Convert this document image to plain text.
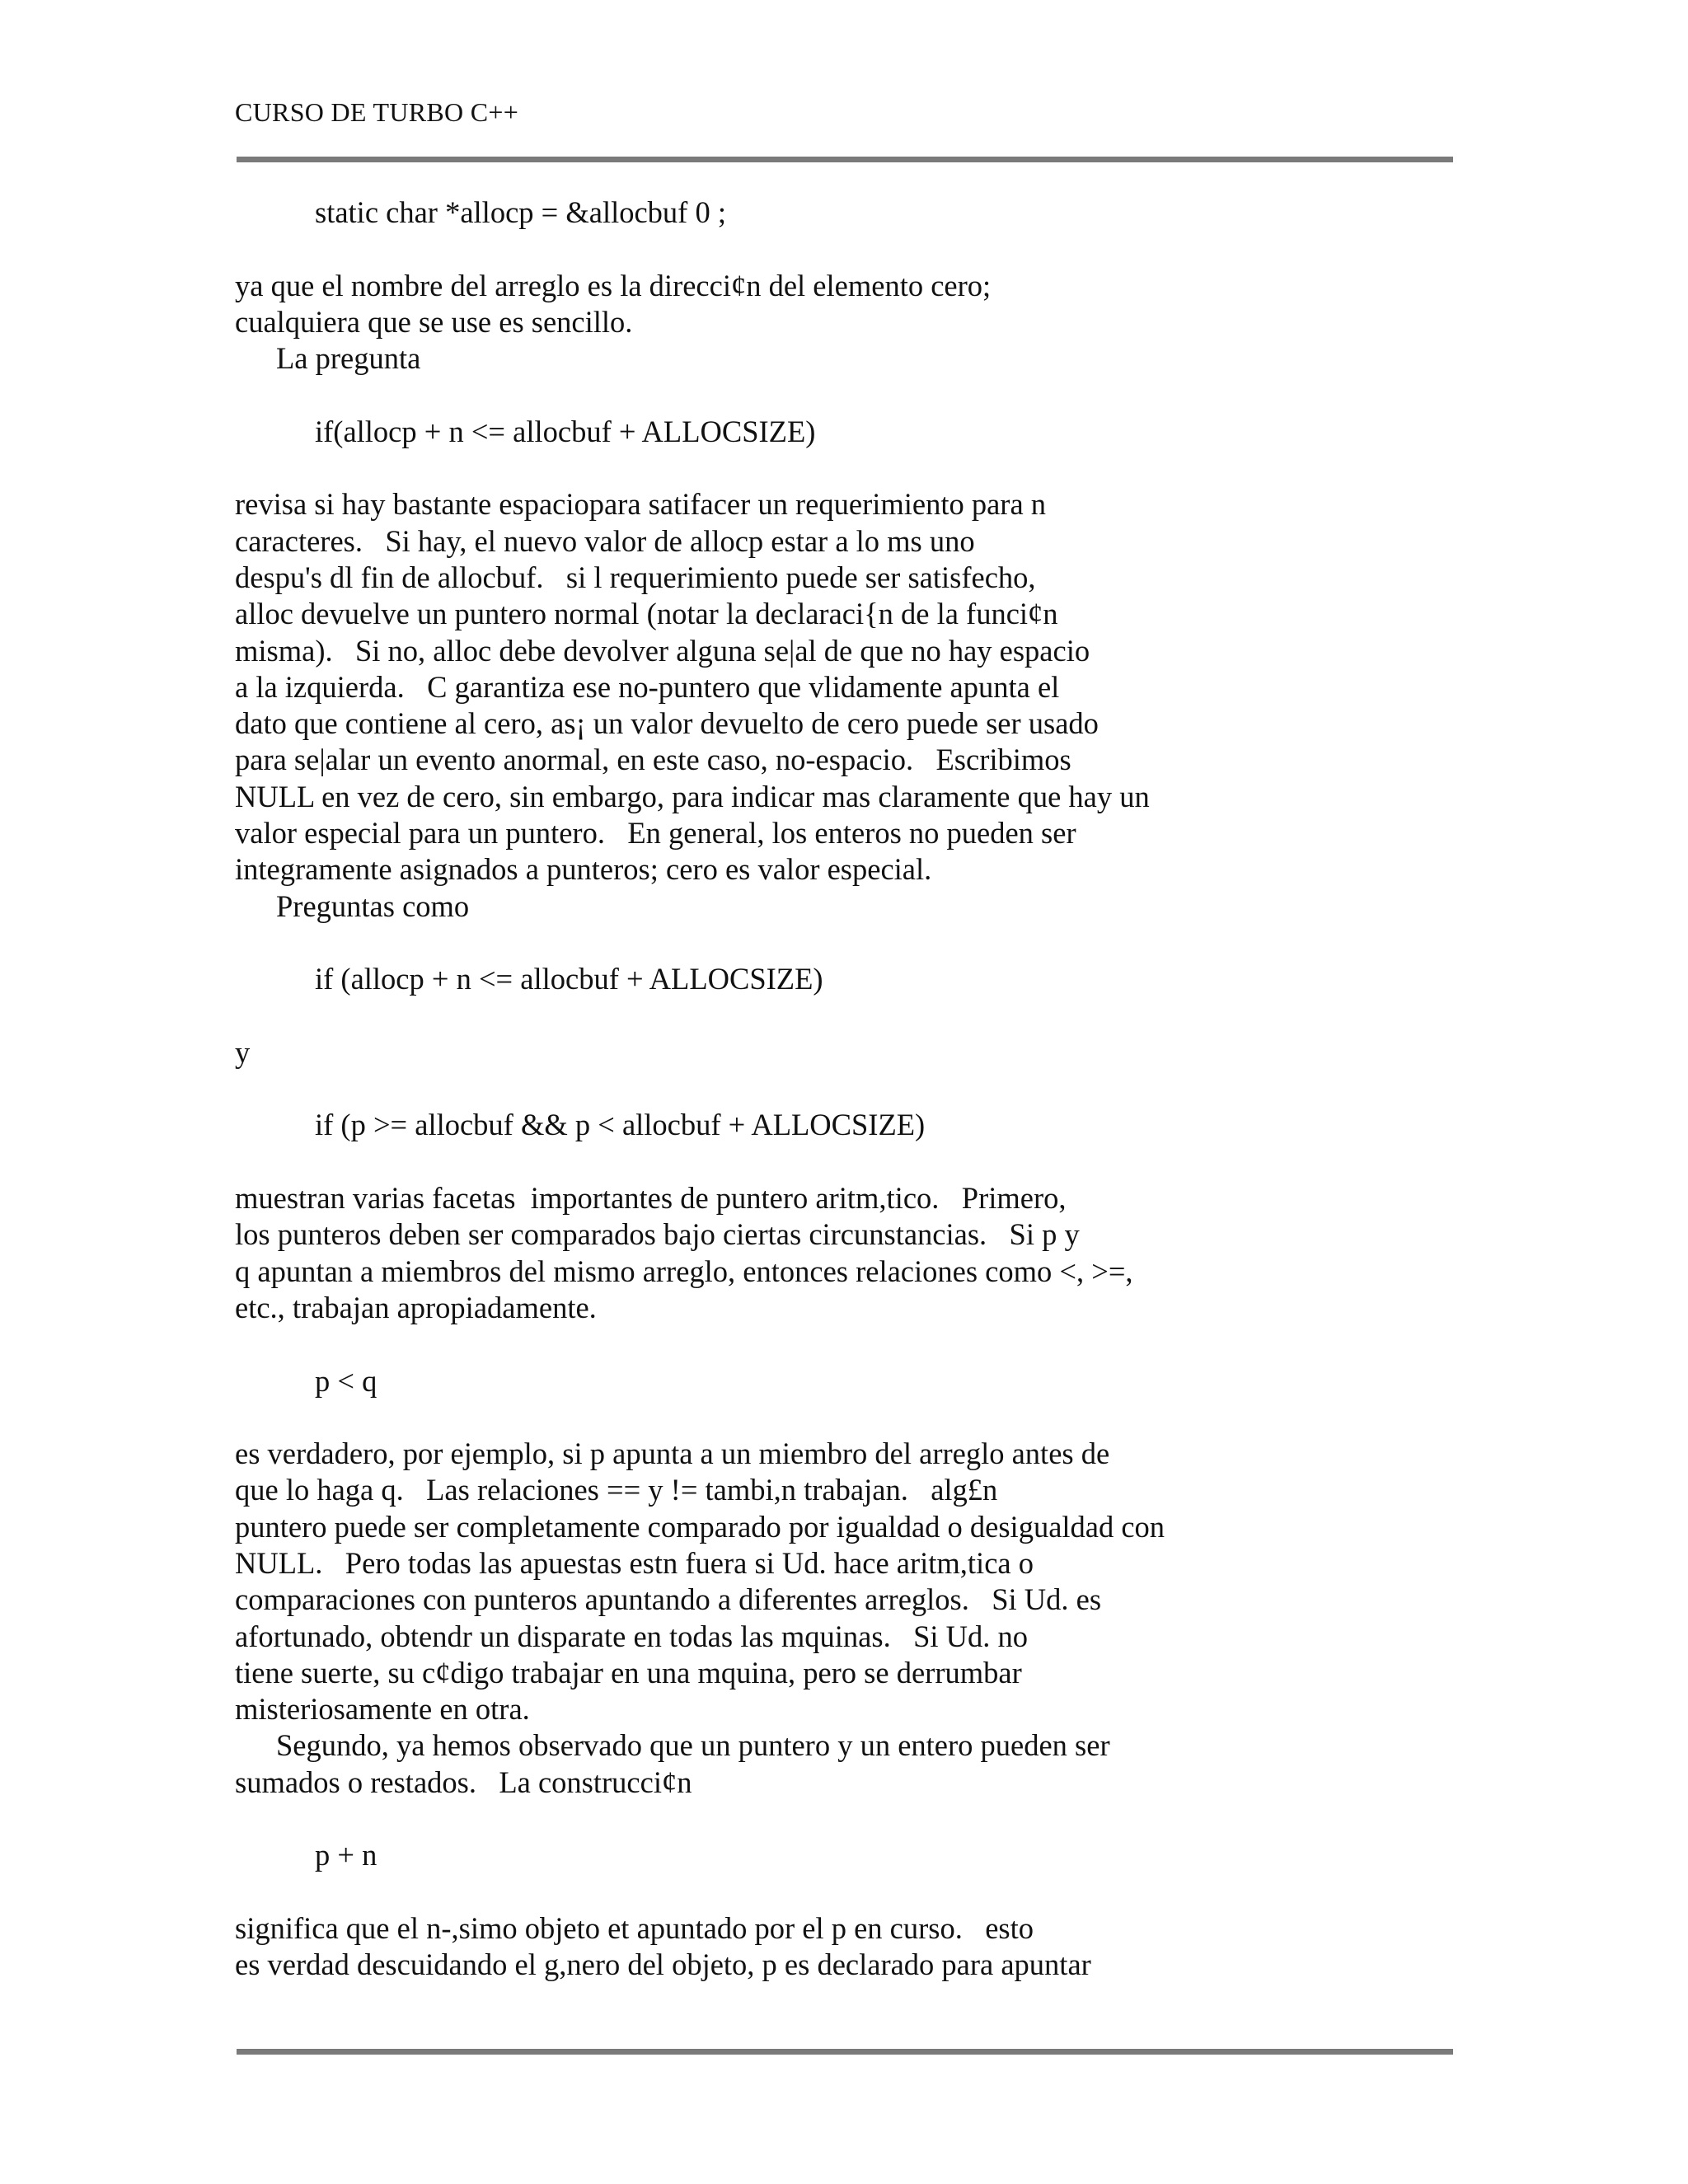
CURSO DE TURBO C++
static char *allocp = &allocbuf 0 ;
ya que el nombre del arreglo es la direcci¢n del elemento cero;
cualquiera que se use es sencillo.
La pregunta
if(allocp + n <= allocbuf + ALLOCSIZE)
revisa si hay bastante espaciopara satifacer un requerimiento para n
caracteres.   Si hay, el nuevo valor de allocp estar a lo ms uno
despu's dl fin de allocbuf.   si l requerimiento puede ser satisfecho,
alloc devuelve un puntero normal (notar la declaraci{n de la funci¢n
misma).   Si no, alloc debe devolver alguna se|al de que no hay espacio
a la izquierda.   C garantiza ese no-puntero que vlidamente apunta el
dato que contiene al cero, as¡ un valor devuelto de cero puede ser usado
para se|alar un evento anormal, en este caso, no-espacio.   Escribimos
NULL en vez de cero, sin embargo, para indicar mas claramente que hay un
valor especial para un puntero.   En general, los enteros no pueden ser
integramente asignados a punteros; cero es valor especial.
Preguntas como
if (allocp + n <= allocbuf + ALLOCSIZE)
y
if (p >= allocbuf && p < allocbuf + ALLOCSIZE)
muestran varias facetas  importantes de puntero aritm,tico.   Primero,
los punteros deben ser comparados bajo ciertas circunstancias.   Si p y
q apuntan a miembros del mismo arreglo, entonces relaciones como <, >=,
etc., trabajan apropiadamente.
p < q
es verdadero, por ejemplo, si p apunta a un miembro del arreglo antes de
que lo haga q.   Las relaciones == y != tambi,n trabajan.   alg£n
puntero puede ser completamente comparado por igualdad o desigualdad con
NULL.   Pero todas las apuestas estn fuera si Ud. hace aritm,tica o
comparaciones con punteros apuntando a diferentes arreglos.   Si Ud. es
afortunado, obtendr un disparate en todas las mquinas.   Si Ud. no
tiene suerte, su c¢digo trabajar en una mquina, pero se derrumbar
misteriosamente en otra.
Segundo, ya hemos observado que un puntero y un entero pueden ser
sumados o restados.   La construcci¢n
p + n
significa que el n-,simo objeto et apuntado por el p en curso.   esto
es verdad descuidando el g,nero del objeto, p es declarado para apuntar
